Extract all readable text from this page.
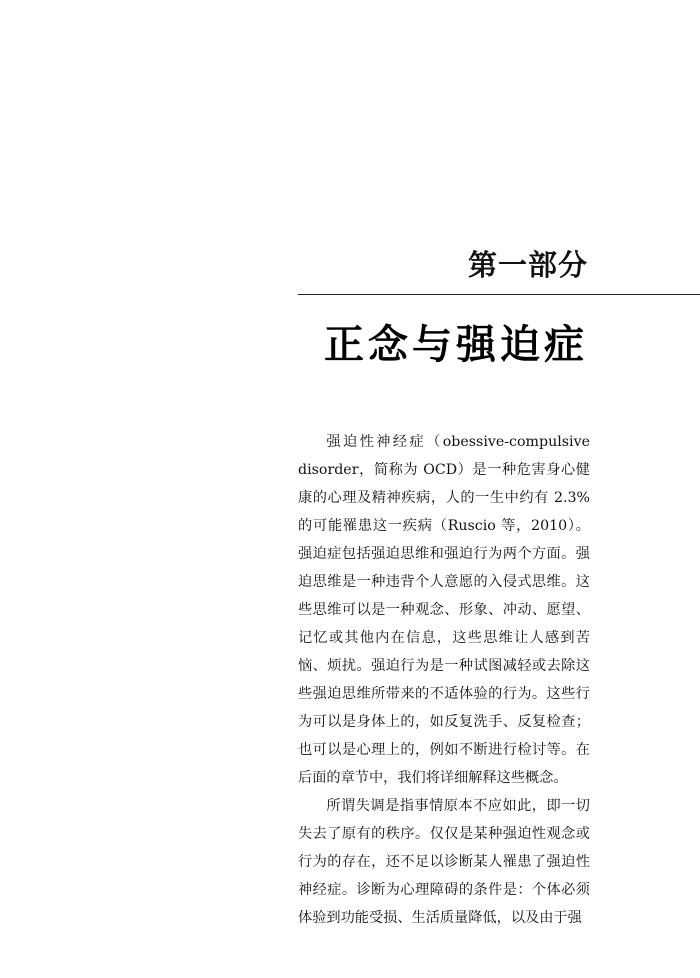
第一部分
正念与强迫症

强迫性神经症（obessive-compulsive disorder，简称为 OCD）是一种危害身心健康的心理及精神疾病，人的一生中约有 2.3% 的可能罹患这一疾病（Ruscio 等，2010）。强迫症包括强迫思维和强迫行为两个方面。强迫思维是一种违背个人意愿的入侵式思维。这些思维可以是一种观念、形象、冲动、愿望、记忆或其他内在信息，这些思维让人感到苦恼、烦扰。强迫行为是一种试图减轻或去除这些强迫思维所带来的不适体验的行为。这些行为可以是身体上的，如反复洗手、反复检查；也可以是心理上的，例如不断进行检讨等。在后面的章节中，我们将详细解释这些概念。

所谓失调是指事情原本不应如此，即一切失去了原有的秩序。仅仅是某种强迫性观念或行为的存在，还不足以诊断某人罹患了强迫性神经症。诊断为心理障碍的条件是：个体必须体验到功能受损、生活质量降低，以及由于强
